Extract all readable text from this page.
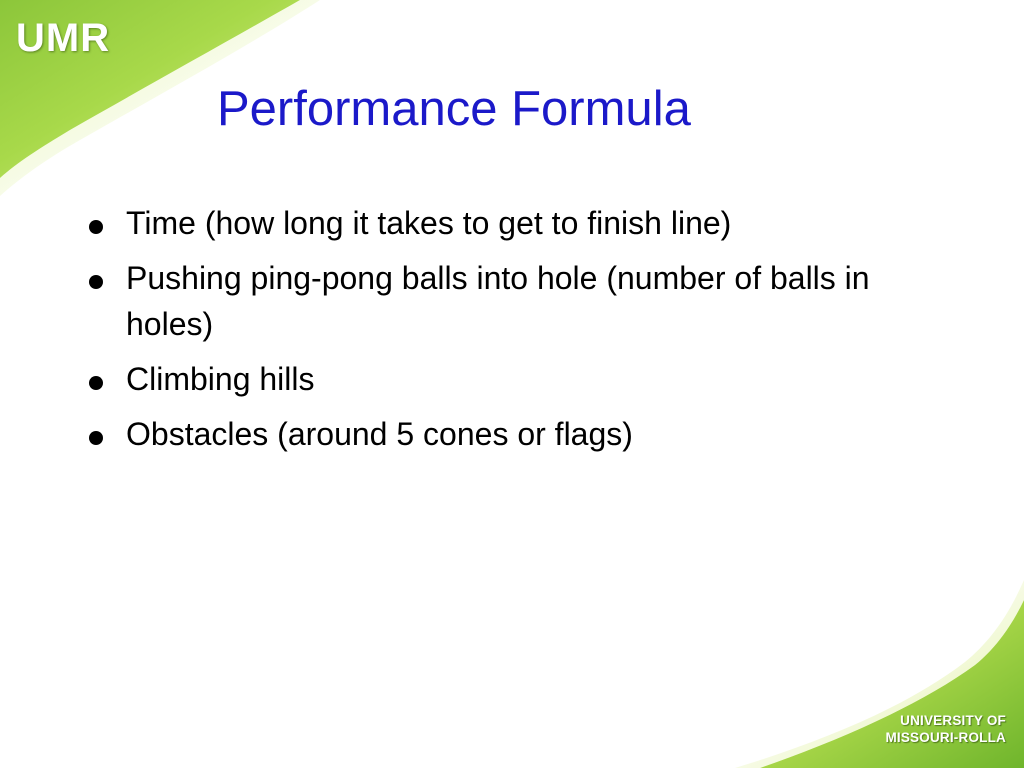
UMR
Performance Formula
Time (how long it takes to get to finish line)
Pushing ping-pong balls into hole (number of balls in holes)
Climbing hills
Obstacles (around 5 cones or flags)
UNIVERSITY OF
MISSOURI-ROLLA
